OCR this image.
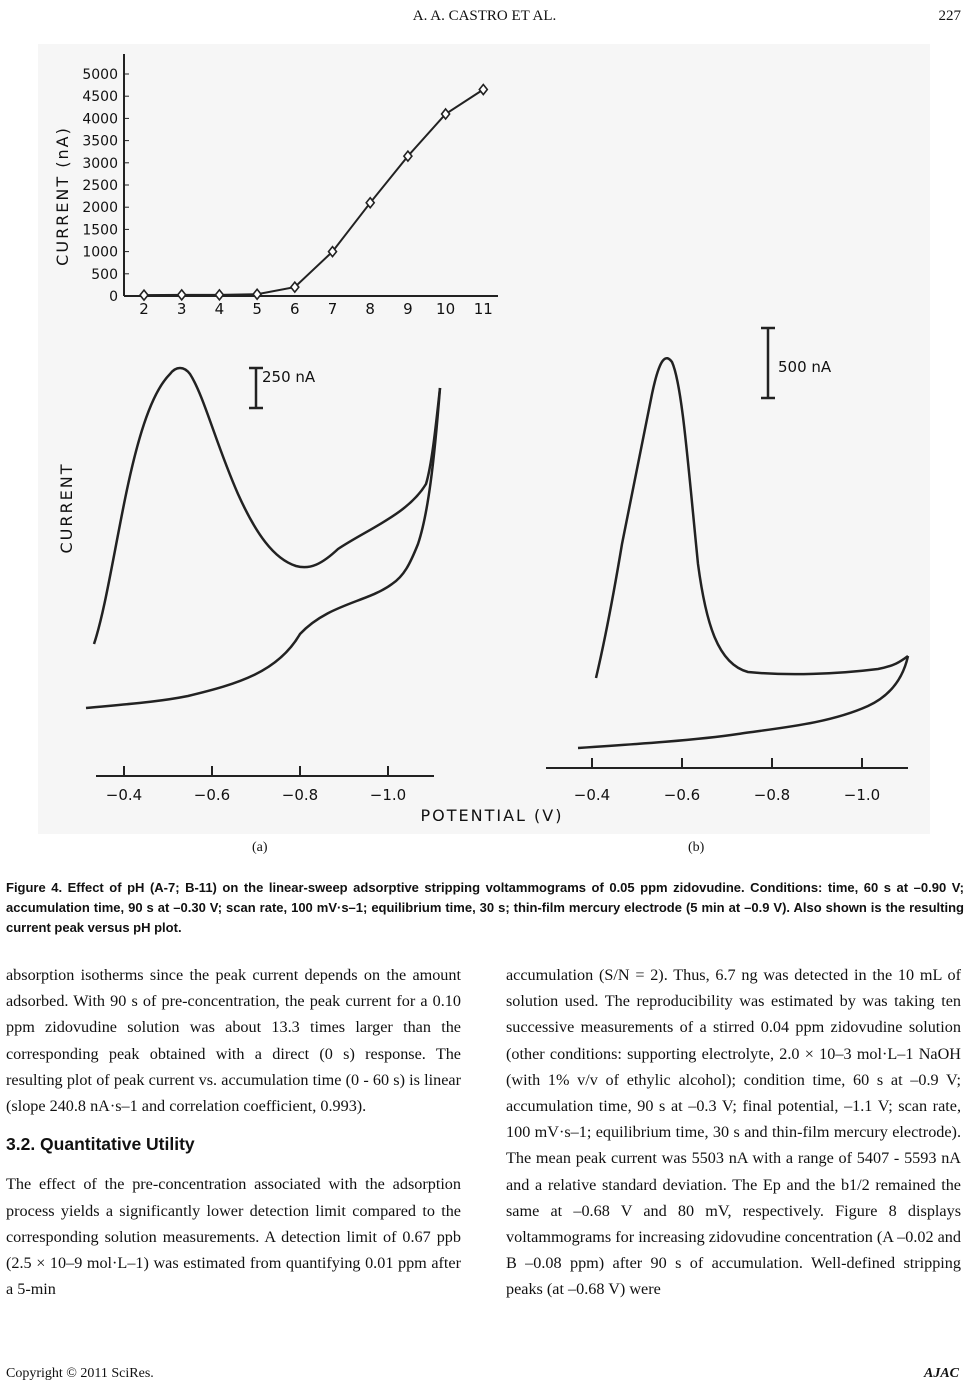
A. A. CASTRO ET AL.	227
CURRENT (nA)
0
500
1000
1500
2000
2500
3000
3500
4000
4500
5000
2 3 4 5 6 7 8 9 10 11
250 nA
CURRENT
−0.4	−0.6	−0.8	−1.0
500 nA
−0.4	−0.6	−0.8	−1.0
POTENTIAL (V)
(a)	(b)
Figure 4. Effect of pH (A-7; B-11) on the linear-sweep adsorptive stripping voltammograms of 0.05 ppm zidovudine. Conditions: time, 60 s at –0.90 V; accumulation time, 90 s at –0.30 V; scan rate, 100 mV·s–1; equilibrium time, 30 s; thin-film mercury electrode (5 min at –0.9 V). Also shown is the resulting current peak versus pH plot.

absorption isotherms since the peak current depends on the amount adsorbed. With 90 s of pre-concentration, the peak current for a 0.10 ppm zidovudine solution was about 13.3 times larger than the corresponding peak obtained with a direct (0 s) response. The resulting plot of peak current vs. accumulation time (0 - 60 s) is linear (slope 240.8 nA·s–1 and correlation coefficient, 0.993).

3.2. Quantitative Utility

The effect of the pre-concentration associated with the adsorption process yields a significantly lower detection limit compared to the corresponding solution measurements. A detection limit of 0.67 ppb (2.5 × 10–9 mol·L–1) was estimated from quantifying 0.01 ppm after a 5-min

accumulation (S/N = 2). Thus, 6.7 ng was detected in the 10 mL of solution used. The reproducibility was estimated by was taking ten successive measurements of a stirred 0.04 ppm zidovudine solution (other conditions: supporting electrolyte, 2.0 × 10–3 mol·L–1 NaOH (with 1% v/v of ethylic alcohol); condition time, 60 s at –0.9 V; accumulation time, 90 s at –0.3 V; final potential, –1.1 V; scan rate, 100 mV·s–1; equilibrium time, 30 s and thin-film mercury electrode). The mean peak current was 5503 nA with a range of 5407 - 5593 nA and a relative standard deviation. The Ep and the b1/2 remained the same at –0.68 V and 80 mV, respectively. Figure 8 displays voltammograms for increasing zidovudine concentration (A –0.02 and B –0.08 ppm) after 90 s of accumulation. Well-defined stripping peaks (at –0.68 V) were

Copyright © 2011 SciRes.	AJAC
